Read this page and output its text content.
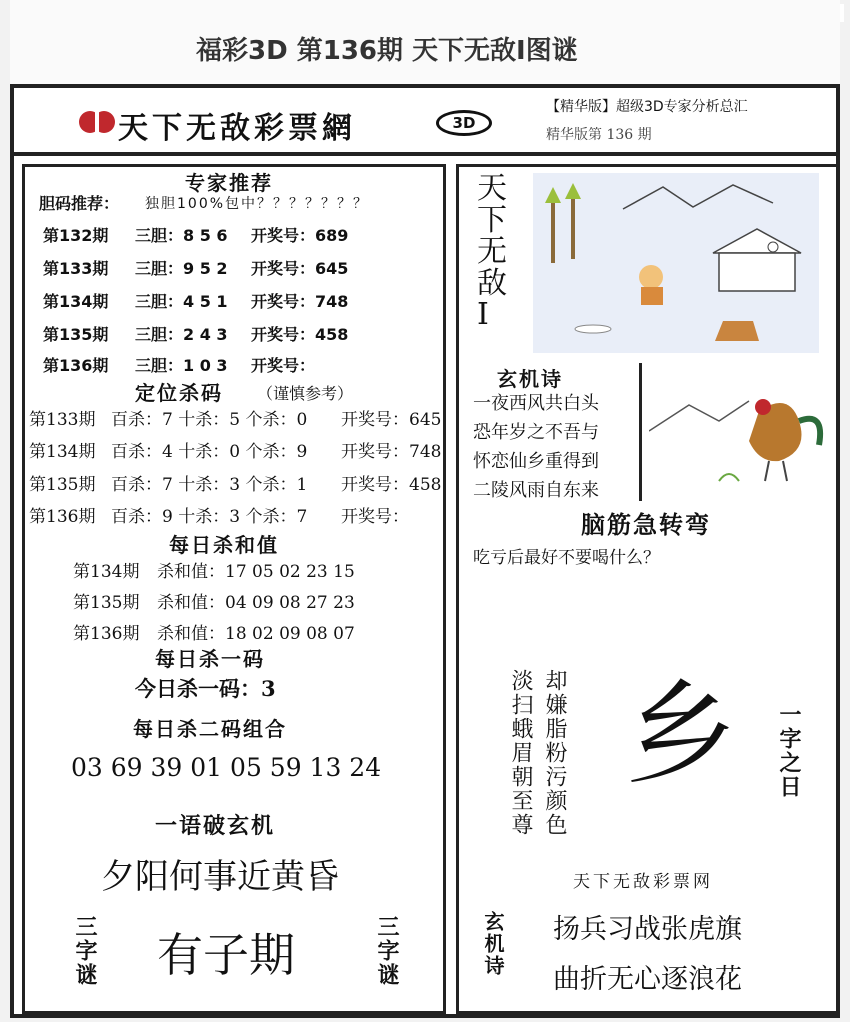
福彩3D 第136期 天下无敌Ⅰ图谜
天下无敌彩票網	3D
【精华版】超级3D专家分析总汇
精华版第 136 期
专家推荐
胆码推荐： 独胆100%包中？？？？？？？
第132期 三胆：8 5 6 开奖号：689
第133期 三胆：9 5 2 开奖号：645
第134期 三胆：4 5 1 开奖号：748
第135期 三胆：2 4 3 开奖号：458
第136期 三胆：1 0 3 开奖号：
定位杀码 （谨慎参考）
第133期 百杀：7 十杀：5 个杀：0 开奖号：645
第134期 百杀：4 十杀：0 个杀：9 开奖号：748
第135期 百杀：7 十杀：3 个杀：1 开奖号：458
第136期 百杀：9 十杀：3 个杀：7 开奖号：
每日杀和值
第134期 杀和值：17 05 02 23 15
第135期 杀和值：04 09 08 27 23
第136期 杀和值：18 02 09 08 07
每日杀一码
今日杀一码：3
每日杀二码组合
03 69 39 01 05 59 13 24
一语破玄机
夕阳何事近黄昏
三字谜 有子期	三字谜
天下无敌Ⅰ
玄机诗
一夜西风共白头
恐年岁之不吾与
怀恋仙乡重得到
二陵风雨自东来
脑筋急转弯
吃亏后最好不要喝什么？
却嫌脂粉污颜色
淡扫蛾眉朝至尊 乡 一字之日
天下无敌彩票网
玄机诗 扬兵习战张虎旗
曲折无心逐浪花
